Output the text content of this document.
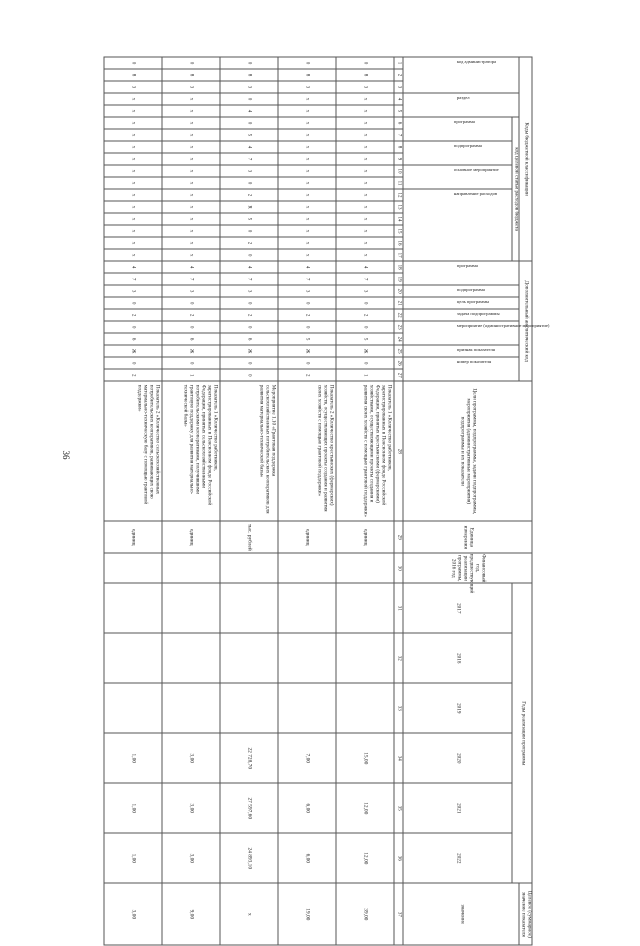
36
Коды бюджетной классификации																	Дополнительный аналитический код										Цели программы, подпрограммы, задачи подпрограммы, мероприятия (административные мероприятия) подпрограммы и их показатели	Единица измерения	Финансовый год, предшествующий реализации программы, 2016 год	Годы реализации программы						Целевое (суммарное) значение показателя

код администратора			раздел		код целевой статьи расходов бюджета												программа		подпрограмма	цель программы	задача подпрограммы	мероприятие (административное мероприятие)		признак показателя	номер показателя											значение

					программа		подпрограмма		основное мероприятие		направление расходов																			2017	2018	2019	2020	2021	2022	
1	2	3	4	5	6	7	8	9	10	11	12	13	14	15	16	17	18	19	20	21	22	23	24	25	26	27	28	29	30	31	32	33	34	35	36	37
0	8	3	x	x	x	x	x	x	x	x	x	x	x	x	x	x	4	7	3	0	2	0	5	Ж	0	1	Показатель 1 «Количество работников, зарегистрированных в Пенсионном фонде Российской Федерации, принятых крестьянскими (фермерскими) хозяйствами, осуществляющими проекты создания и развития своих хозяйств с помощью грантовой поддержки»	единиц					15,00	12,00	12,00	39,00
0	8	3	x	x	x	x	x	x	x	x	x	x	x	x	x	x	4	7	3	0	2	0	5	Ж	0	2	Показатель 2 «Количество крестьянских (фермерских) хозяйств, осуществляющих проекты создания и развития своих хозяйств с помощью грантовой поддержки»	единиц					7,00	6,00	6,00	19,00
0	8	3	0	4	0	5	4	7	3	0	2	R	5	0	2	0	4	7	3	0	2	0	6	Ж	0	0	Мероприятие 1.10 «Грантовая поддержка сельскохозяйственных потребительских кооперативов для развития материально-технической базы»	тыс. рублей					22 728,70	27 597,60	24 893,10	x
0	8	3	x	x	x	x	x	x	x	x	x	x	x	x	x	x	4	7	3	0	2	0	6	Ж	0	1	Показатель 1 «Количество работников, зарегистрированных в Пенсионном фонде Российской Федерации, принятых сельскохозяйственными потребительскими кооперативами, получившими грантовую поддержку для развития материально-технической базы»	единиц					3,00	3,00	3,00	9,00
0	8	3	x	x	x	x	x	x	x	x	x	x	x	x	x	x	4	7	3	0	2	0	6	Ж	0	2	Показатель 2 «Количество сельскохозяйственных потребительских кооперативов, развивающих свою материально-техническую базу с помощью грантовой поддержки»	единиц					1,00	1,00	1,00	3,00
